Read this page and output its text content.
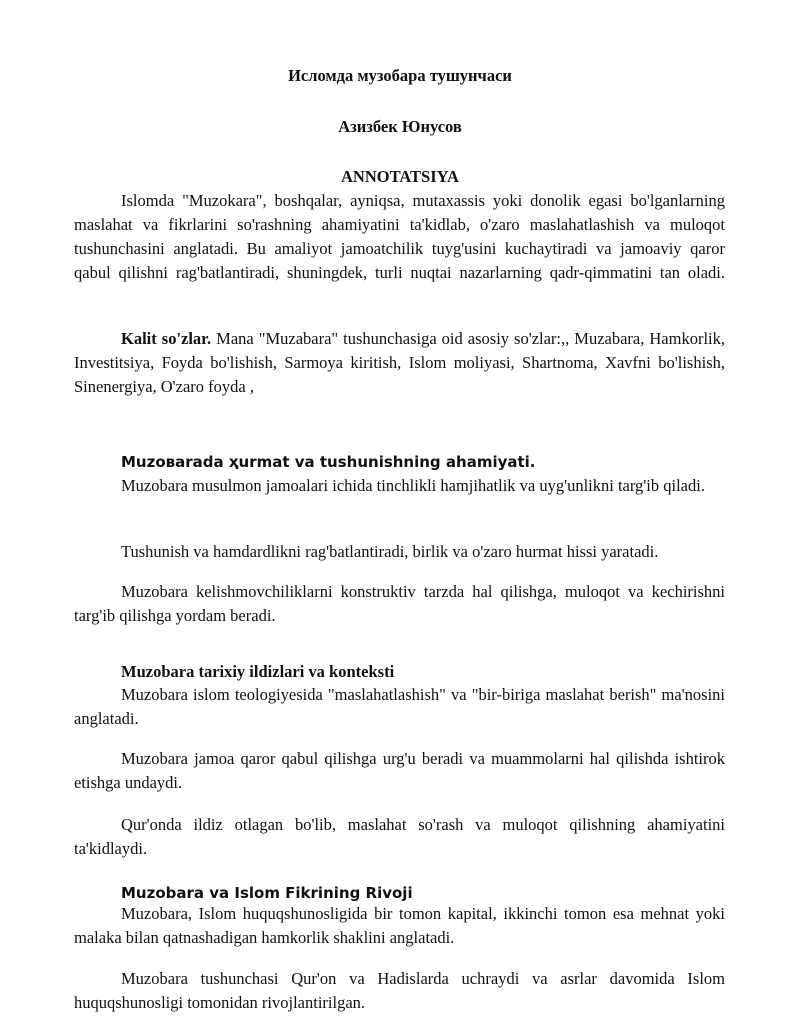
Исломда музобара тушунчаси
Азизбек Юнусов
ANNOTATSIYA
Islomda "Muzokara", boshqalar, ayniqsa, mutaxassis yoki donolik egasi bo'lganlarning maslahat va fikrlarini so'rashning ahamiyatini ta'kidlab, o'zaro maslahatlashish va muloqot tushunchasini anglatadi. Bu amaliyot jamoatchilik tuyg'usini kuchaytiradi va jamoaviy qaror qabul qilishni rag'batlantiradi, shuningdek, turli nuqtai nazarlarning qadr-qimmatini tan oladi.
Kalit so'zlar. Mana "Muzabara" tushunchasiga oid asosiy so'zlar:,, Muzabara, Hamkorlik, Investitsiya, Foyda bo'lishish, Sarmoya kiritish, Islom moliyasi, Shartnoma, Xavfni bo'lishish, Sinenergiya, O'zaro foyda ,
Muzoвarada ҳurmat va tushunishning ahamiyati.
Muzobara musulmon jamoalari ichida tinchlikli hamjihatlik va uyg'unlikni targ'ib qiladi.
Tushunish va hamdardlikni rag'batlantiradi, birlik va o'zaro hurmat hissi yaratadi.
Muzobara kelishmovchiliklarni konstruktiv tarzda hal qilishga, muloqot va kechirishni targ'ib qilishga yordam beradi.
Muzobara tarixiy ildizlari va konteksti
Muzobara islom teologiyesida "maslahatlashish" va "bir-biriga maslahat berish" ma'nosini anglatadi.
Muzobara jamoa qaror qabul qilishga urg'u beradi va muammolarni hal qilishda ishtirok etishga undaydi.
Qur'onda ildiz otlagan bo'lib, maslahat so'rash va muloqot qilishning ahamiyatini ta'kidlaydi.
Muzobara va Islom Fikrining Rivoji
Muzobara, Islom huquqshunosligida bir tomon kapital, ikkinchi tomon esa mehnat yoki malaka bilan qatnashadigan hamkorlik shaklini anglatadi.
Muzobara tushunchasi Qur'on va Hadislarda uchraydi va asrlar davomida Islom huquqshunosligi tomonidan rivojlantirilgan.
